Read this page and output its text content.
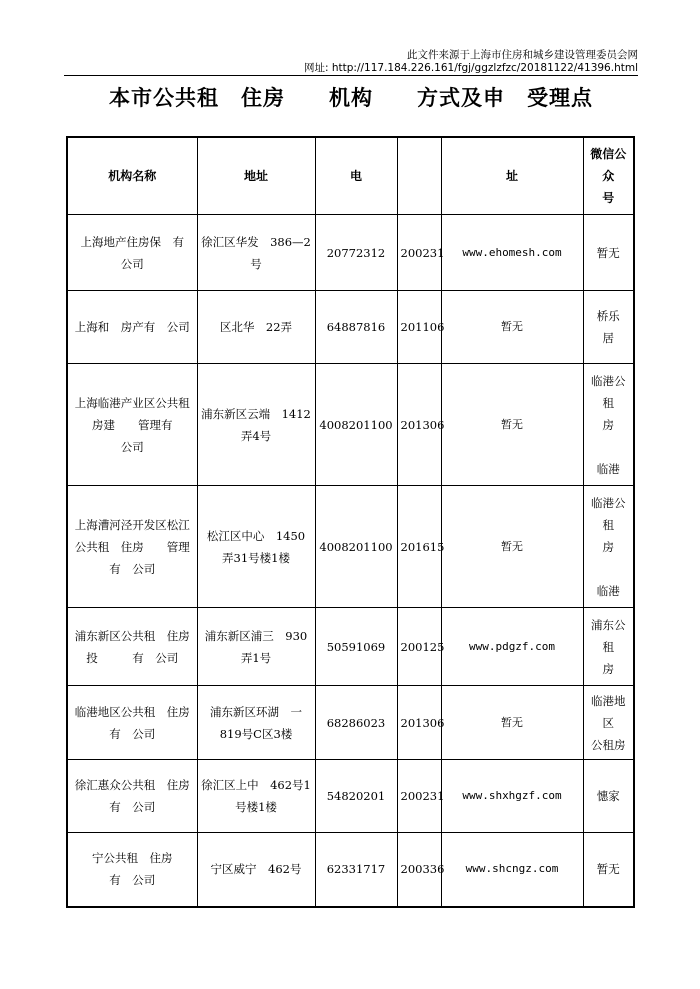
此文件来源于上海市住房和城乡建设管理委员会网
网址: http://117.184.226.161/fgj/ggzlzfzc/20181122/41396.html
本市公共租　住房　　机构　　方式及申　受理点
机构名称	地址	电		址	微信公众
号

上海地产住房保　有
公司	徐汇区华发　386—2
号	20772312	200231	www.ehomesh.com	暂无

上海和　房产有　公司	区北华　22弄	64887816	201106	暂无	桥乐
居

上海临港产业区公共租
房建　　管理有
公司	浦东新区云端　1412
弄4号	4008201100	201306	暂无	临港公租
房

临港

上海漕河泾开发区松江
公共租　住房　　管理
有　公司	松江区中心　1450
弄31号楼1楼	4008201100	201615	暂无	临港公租
房

临港

浦东新区公共租　住房
投　　　有　公司	浦东新区浦三　930
弄1号	50591069	200125	www.pdgzf.com	浦东公租
房

临港地区公共租　住房
有　公司	浦东新区环湖　一
819号C区3楼	68286023	201306	暂无	临港地区
公租房

徐汇惠众公共租　住房
有　公司	徐汇区上中　462号1
号楼1楼	54820201	200231	www.shxhgzf.com	憓家

宁公共租　住房
有　公司	宁区威宁　462号	62331717	200336	www.shcngz.com	暂无
